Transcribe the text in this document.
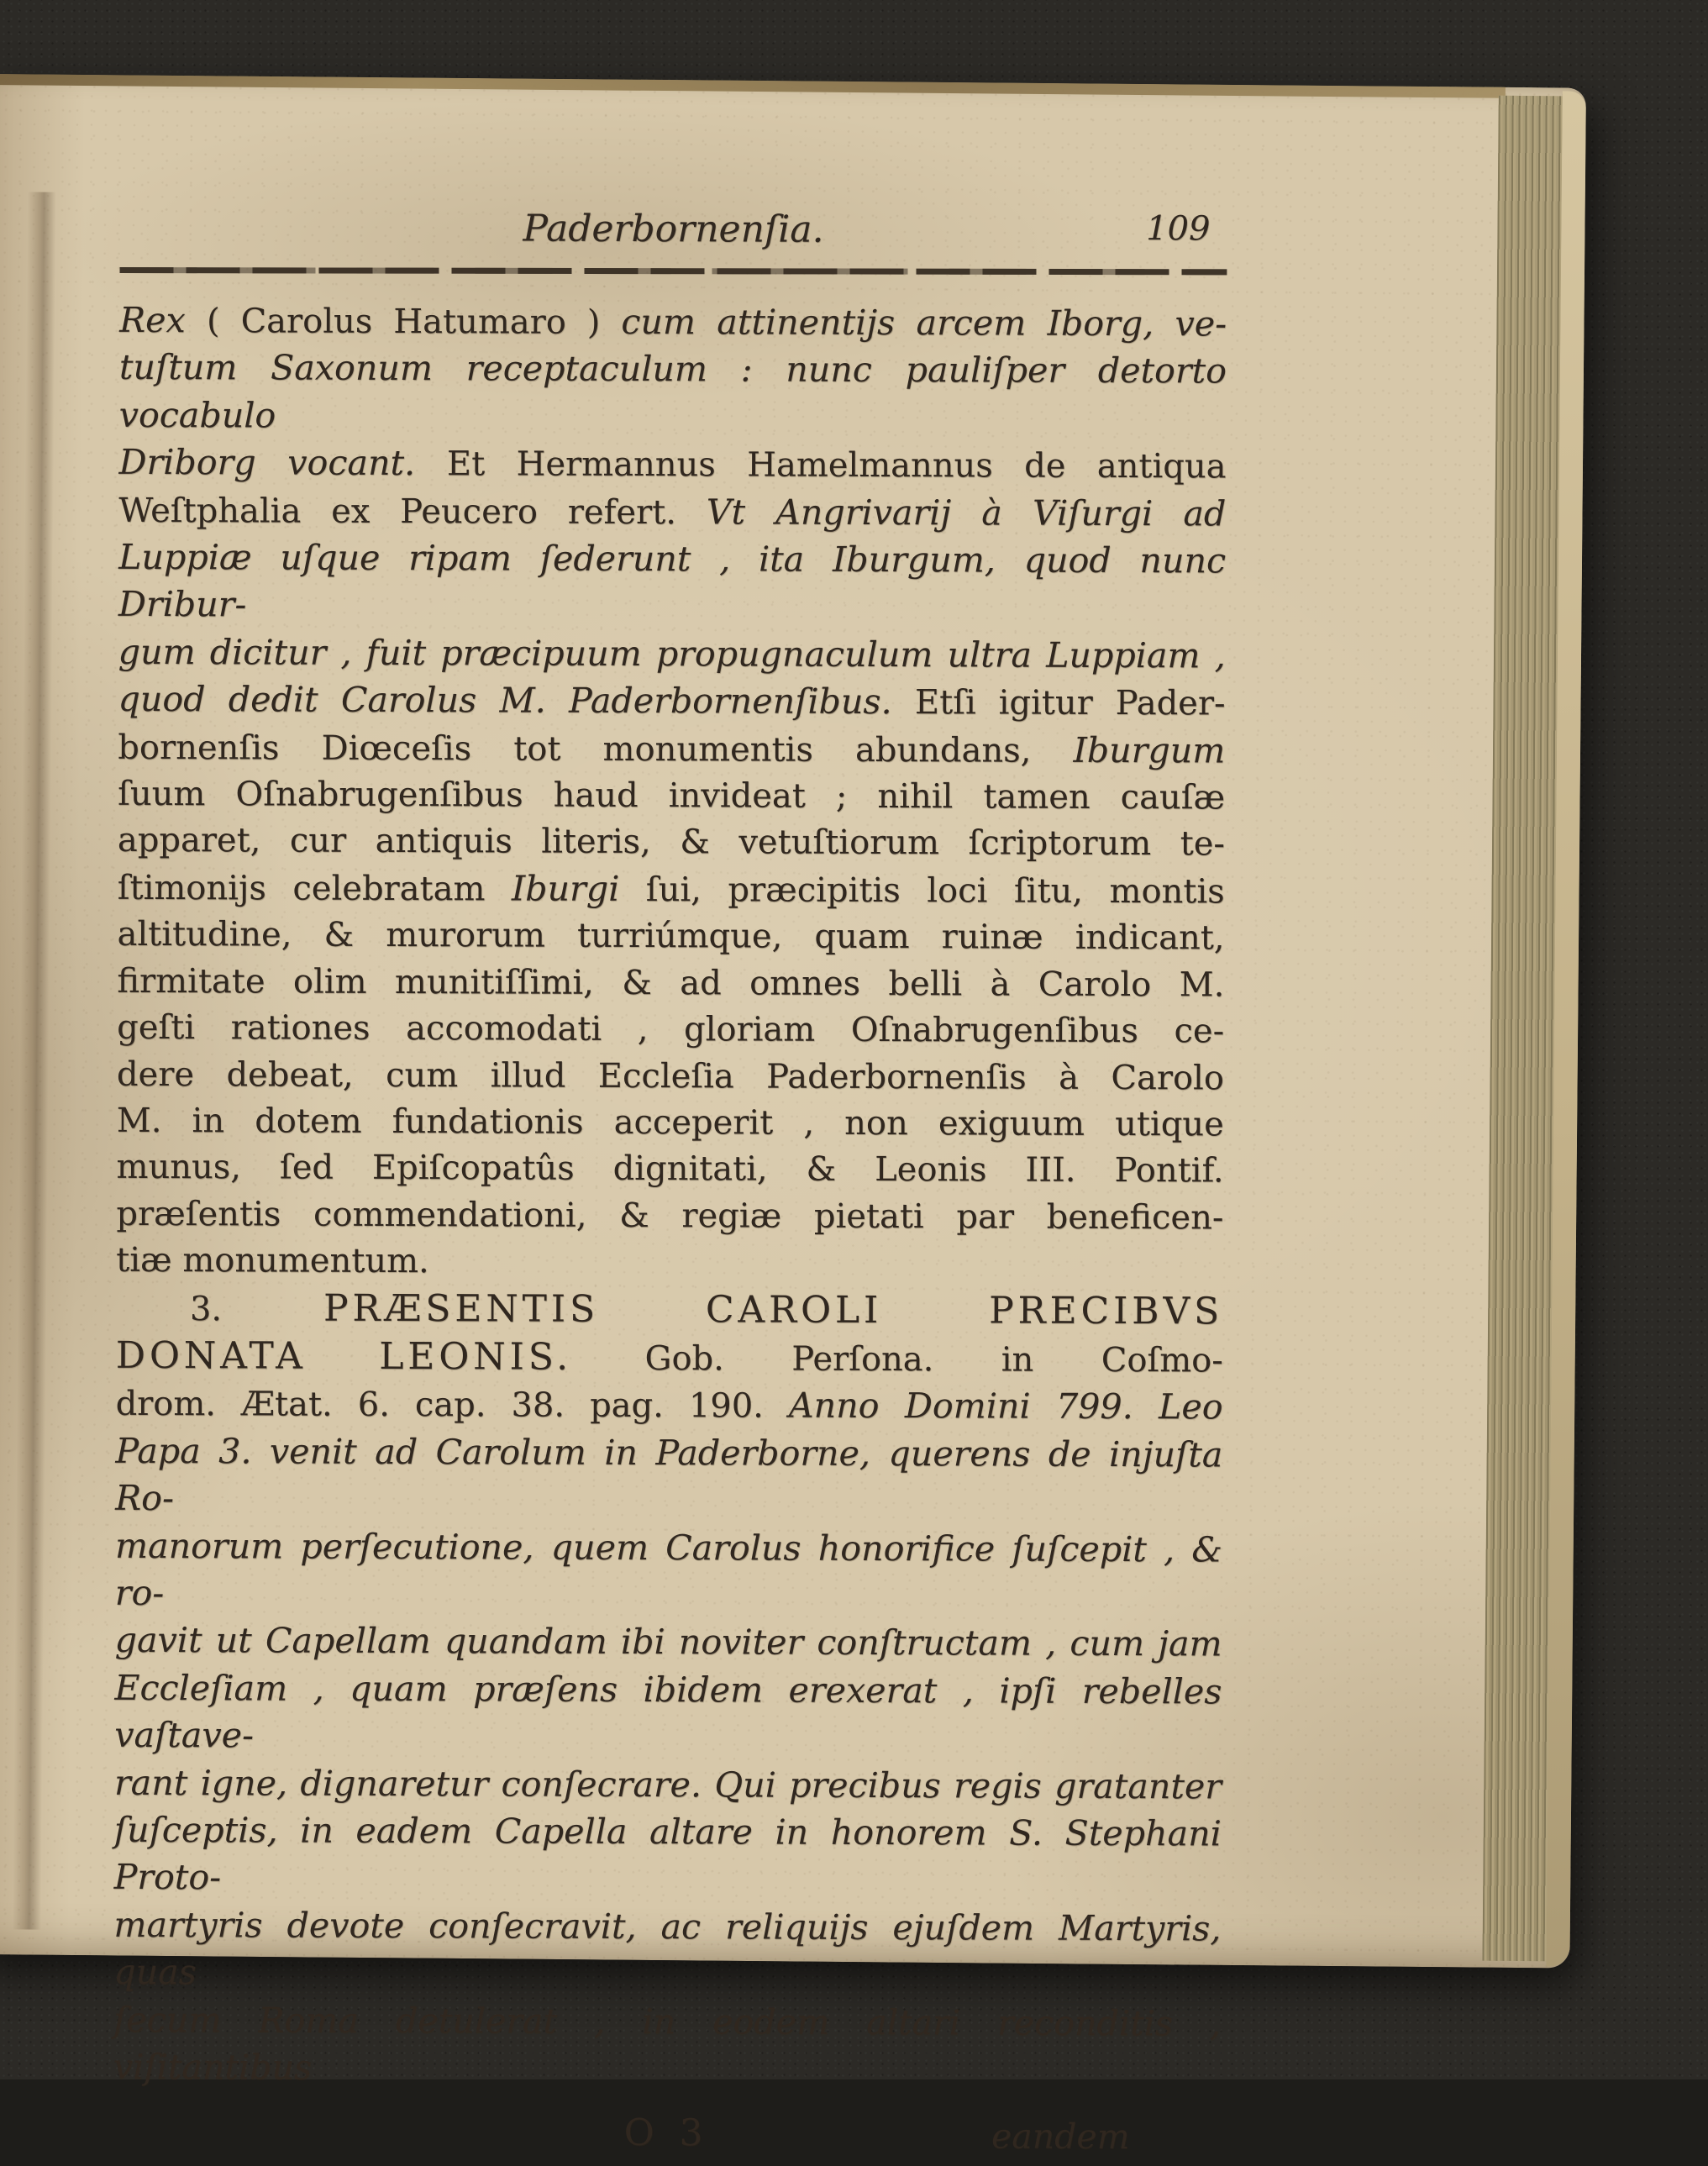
Paderbornenſia.	109
Rex ( Carolus Hatumaro ) cum attinentijs arcem Iborg, ve-
tuſtum Saxonum receptaculum : nunc pauliſper detorto vocabulo
Driborg vocant. Et Hermannus Hamelmannus de antiqua
Weſtphalia ex Peucero refert. Vt Angrivarij à Viſurgi ad
Luppiæ uſque ripam ſederunt , ita Iburgum, quod nunc Dribur-
gum dicitur , fuit præcipuum propugnaculum ultra Luppiam ,
quod dedit Carolus M. Paderbornenſibus. Etſi igitur Pader-
bornenſis Diœceſis tot monumentis abundans, Iburgum
ſuum Oſnabrugenſibus haud invideat ; nihil tamen cauſæ
apparet, cur antiquis literis, & vetuſtiorum ſcriptorum te-
ſtimonijs celebratam Iburgi ſui, præcipitis loci ſitu, montis
altitudine, & murorum turriúmque, quam ruinæ indicant,
firmitate olim munitiſſimi, & ad omnes belli à Carolo M.
geſti rationes accomodati , gloriam Oſnabrugenſibus ce-
dere debeat, cum illud Eccleſia Paderbornenſis à Carolo
M. in dotem fundationis acceperit , non exiguum utique
munus, ſed Epiſcopatûs dignitati, & Leonis III. Pontif.
præſentis commendationi, & regiæ pietati par beneficen-
tiæ monumentum.
3. PRÆSENTIS CAROLI PRECIBVS
DONATA LEONIS. Gob. Perſona. in Coſmo-
drom. Ætat. 6. cap. 38. pag. 190. Anno Domini 799. Leo
Papa 3. venit ad Carolum in Paderborne, querens de injuſta Ro-
manorum perſecutione, quem Carolus honorifice ſuſcepit , & ro-
gavit ut Capellam quandam ibi noviter conſtructam , cum jam
Eccleſiam , quam præſens ibidem erexerat , ipſi rebelles vaſtave-
rant igne, dignaretur conſecrare. Qui precibus regis gratanter
ſuſceptis, in eadem Capella altare in honorem S. Stephani Proto-
martyris devote conſecravit, ac reliquijs ejuſdem Martyris, quas
ſecum Roma detulerat , in eodem altari reconditis , viſitantibus
O 3	eandem
